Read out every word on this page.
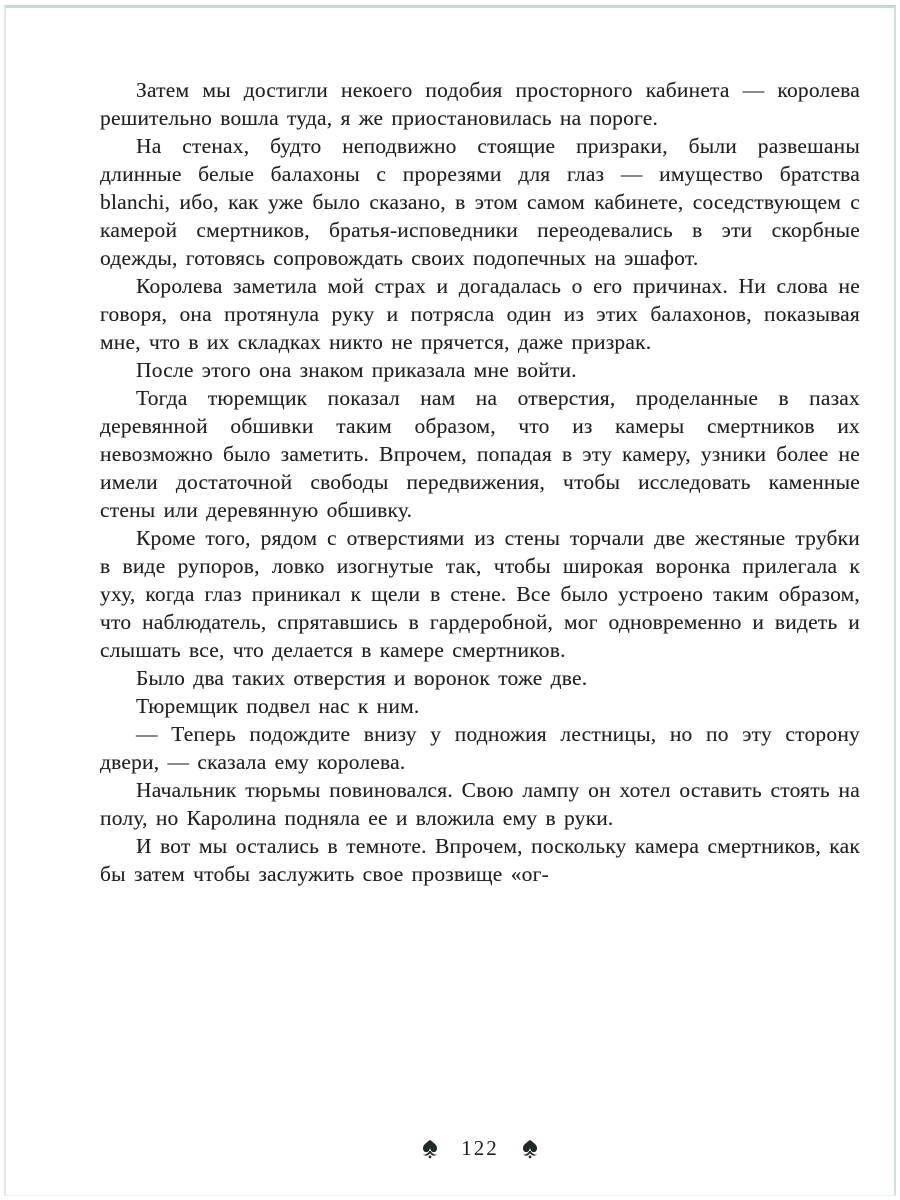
Затем мы достигли некоего подобия просторного кабинета — королева решительно вошла туда, я же приостановилась на пороге.

На стенах, будто неподвижно стоящие призраки, были развешаны длинные белые балахоны с прорезями для глаз — имущество братства blanchi, ибо, как уже было сказано, в этом самом кабинете, соседствующем с камерой смертников, братья-исповедники переодевались в эти скорбные одежды, готовясь сопровождать своих подопечных на эшафот.

Королева заметила мой страх и догадалась о его причинах. Ни слова не говоря, она протянула руку и потрясла один из этих балахонов, показывая мне, что в их складках никто не прячется, даже призрак.

После этого она знаком приказала мне войти.

Тогда тюремщик показал нам на отверстия, проделанные в пазах деревянной обшивки таким образом, что из камеры смертников их невозможно было заметить. Впрочем, попадая в эту камеру, узники более не имели достаточной свободы передвижения, чтобы исследовать каменные стены или деревянную обшивку.

Кроме того, рядом с отверстиями из стены торчали две жестяные трубки в виде рупоров, ловко изогнутые так, чтобы широкая воронка прилегала к уху, когда глаз приникал к щели в стене. Все было устроено таким образом, что наблюдатель, спрятавшись в гардеробной, мог одновременно и видеть и слышать все, что делается в камере смертников.

Было два таких отверстия и воронок тоже две.

Тюремщик подвел нас к ним.

— Теперь подождите внизу у подножия лестницы, но по эту сторону двери, — сказала ему королева.

Начальник тюрьмы повиновался. Свою лампу он хотел оставить стоять на полу, но Каролина подняла ее и вложила ему в руки.

И вот мы остались в темноте. Впрочем, поскольку камера смертников, как бы затем чтобы заслужить свое прозвище «ог-

122
